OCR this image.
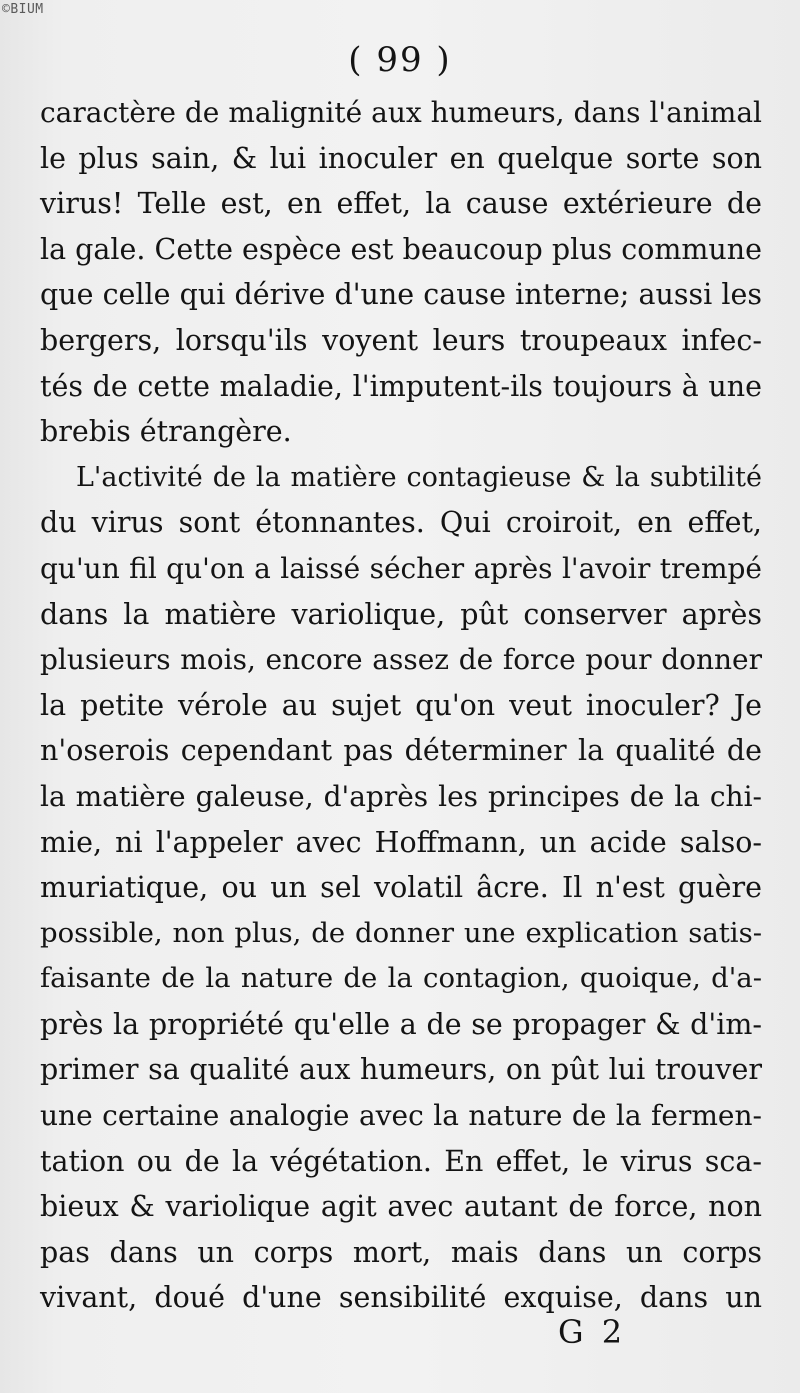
©BIUM
( 99 )
caractère de malignité aux humeurs, dans l'animal
le plus sain, & lui inoculer en quelque sorte son
virus! Telle est, en effet, la cause extérieure de
la gale. Cette espèce est beaucoup plus commune
que celle qui dérive d'une cause interne; aussi les
bergers, lorsqu'ils voyent leurs troupeaux infec-
tés de cette maladie, l'imputent-ils toujours à une
brebis étrangère.
L'activité de la matière contagieuse & la subtilité
du virus sont étonnantes. Qui croiroit, en effet,
qu'un fil qu'on a laissé sécher après l'avoir trempé
dans la matière variolique, pût conserver après
plusieurs mois, encore assez de force pour donner
la petite vérole au sujet qu'on veut inoculer? Je
n'oserois cependant pas déterminer la qualité de
la matière galeuse, d'après les principes de la chi-
mie, ni l'appeler avec Hoffmann, un acide salso-
muriatique, ou un sel volatil âcre. Il n'est guère
possible, non plus, de donner une explication satis-
faisante de la nature de la contagion, quoique, d'a-
près la propriété qu'elle a de se propager & d'im-
primer sa qualité aux humeurs, on pût lui trouver
une certaine analogie avec la nature de la fermen-
tation ou de la végétation. En effet, le virus sca-
bieux & variolique agit avec autant de force, non
pas dans un corps mort, mais dans un corps
vivant, doué d'une sensibilité exquise, dans un
G 2
